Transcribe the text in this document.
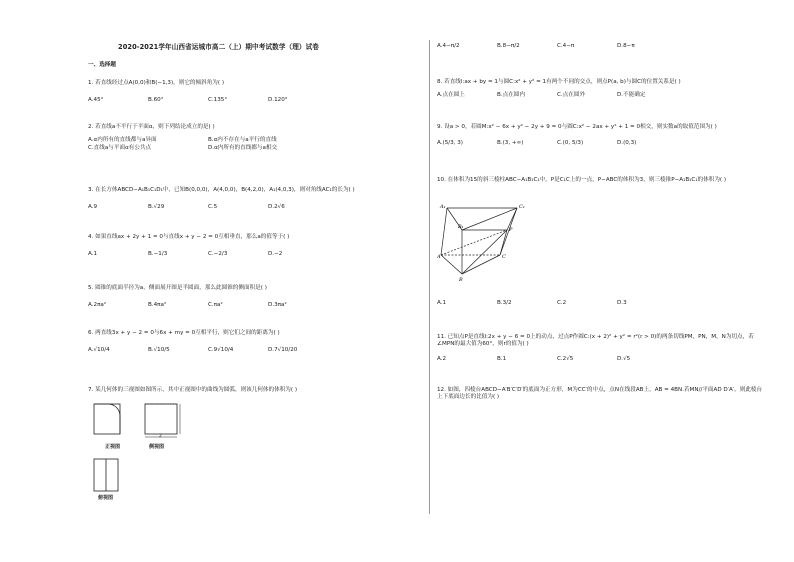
2020-2021学年山西省运城市高二（上）期中考试数学（理）试卷
一、选择题
1. 若直线经过点A(0,0)和B(−1,3)，则它的倾斜角为( )
A.45°	B.60°	C.135°	D.120°
2. 若直线a不平行于平面α，则下列结论成立的是( )
A.α内所有的直线都与a异面	B.α内不存在与a平行的直线
C.直线a与平面α有公共点	D.α内所有的直线都与a相交
3. 在长方体ABCD−A₁B₁C₁D₁中，已知B(0,0,0)，A(4,0,0)，B(4,2,0)，A₁(4,0,3)，则对角线AC₁的长为( )
A.9	B.√29	C.5	D.2√6
4. 如果直线ax + 2y + 1 = 0与直线x + y − 2 = 0互相垂直，那么a的值等于( )
A.1	B.−1/3	C.−2/3	D.−2
5. 圆锥的底面半径为a，侧面展开图是半圆面，那么此圆锥的侧面积是( )
A.2πa²	B.4πa²	C.πa²	D.3πa²
6. 两直线3x + y − 2 = 0与6x + my = 0互相平行，则它们之间的距离为( )
A.√10/4	B.√10/5	C.9√10/4	D.7√10/20
7. 某几何体的三视图如图所示，其中正视图中的曲线为圆弧，则该几何体的体积为( )
正视图	侧视图
俯视图
2
A.4−π/2	B.8−π/2	C.4−π	D.8−π
8. 若直线l:ax + by = 1与圆C:x² + y² = 1有两个不同的交点，则点P(a, b)与圆C的位置关系是( )
A.点在圆上	B.点在圆内	C.点在圆外	D.不能确定
9. 设a > 0，若圆M:x² − 6x + y² − 2y + 9 = 0与圆C:x² − 2ax + y² + 1 = 0相交，则实数a的取值范围为( )
A.(5/3, 3)	B.(3, +∞)	C.(0, 5/3)	D.(0,3)
10. 在体积为15的斜三棱柱ABC−A₁B₁C₁中，P是C₁C上的一点，P−ABC的体积为3，则三棱锥P−A₁B₁C₁的体积为( )
A₁	C₁
B₁	P
A	C
B
A.1	B.3/2	C.2	D.3
11. 已知点P是直线l:2x + y − 6 = 0上的动点，过点P作圆C:(x + 2)² + y² = r²(r > 0)的两条切线PM，PN，M，N为切点，若∠MPN的最大值为60°，则r的值为( )
A.2	B.1	C.2√5	D.√5
12. 如图，四棱台ABCD−A′B′C′D′的底面为正方形，M为CC′的中点，点N在线段AB上，AB = 4BN.若MN//平面AD D′A′，则此棱台上下底面边长的比值为( )
